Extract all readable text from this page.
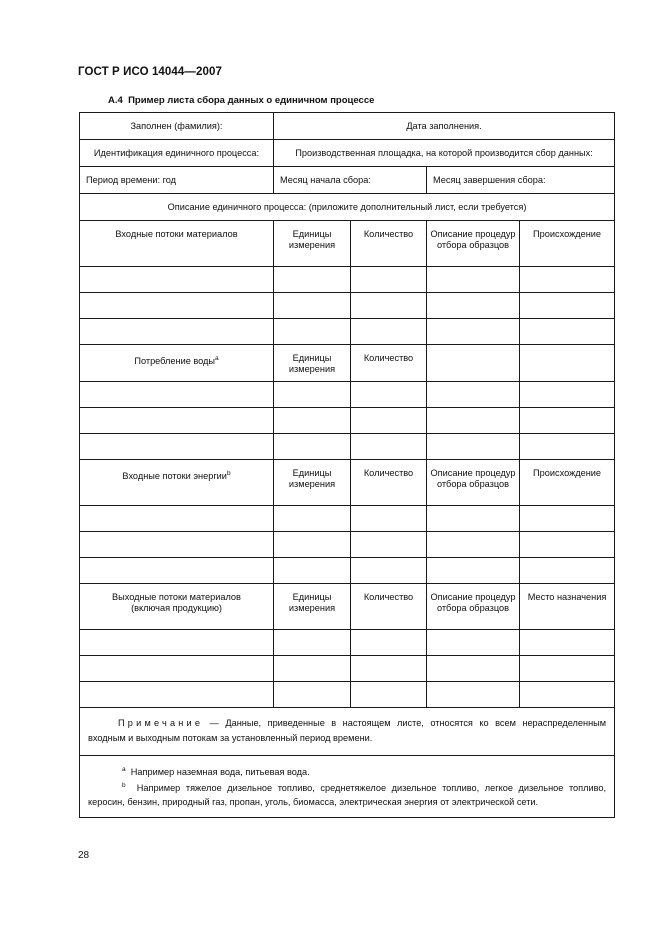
ГОСТ Р ИСО 14044—2007
А.4 Пример листа сбора данных о единичном процессе
Заполнен (фамилия):	Дата заполнения.			
Идентификация единичного процесса:	Производственная площадка, на которой производится сбор данных:			
Период времени: год	Месяц начала сбора:		Месяц завершения сбора:	
Описание единичного процесса: (приложите дополнительный лист, если требуется)				
Входные потоки материалов	Единицы измерения	Количество	Описание процедур отбора образцов	Происхождение

Потребление воды$^а$	Единицы измерения	Количество		

Входные потоки энергии$^b$	Единицы измерения	Количество	Описание процедур отбора образцов	Происхождение

Выходные потоки материалов (включая продукцию)	Единицы измерения	Количество	Описание процедур отбора образцов	Место назначения

Примечание — Данные, приведенные в настоящем листе, относятся ко всем нераспределенным входным и выходным потокам за установленный период времени.				

$^а$ Например наземная вода, питьевая вода.
$^b$ Например тяжелое дизельное топливо, среднетяжелое дизельное топливо, легкое дизельное топливо, керосин, бензин, природный газ, пропан, уголь, биомасса, электрическая энергия от электрической сети.				
28
